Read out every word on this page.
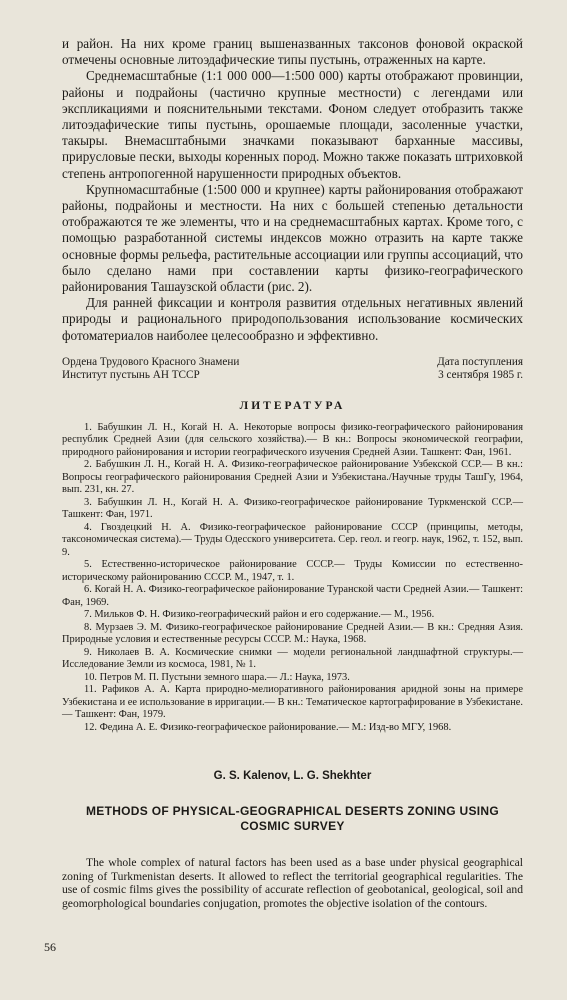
и район. На них кроме границ вышеназванных таксонов фоновой окраской отмечены основные литоэдафические типы пустынь, отраженных на карте.

Среднемасштабные (1:1 000 000—1:500 000) карты отображают провинции, районы и подрайоны (частично крупные местности) с легендами или экспликациями и пояснительными текстами. Фоном следует отобразить также литоэдафические типы пустынь, орошаемые площади, засоленные участки, такыры. Внемасштабными значками показывают барханные массивы, прирусловые пески, выходы коренных пород. Можно также показать штриховкой степень антропогенной нарушенности природных объектов.

Крупномасштабные (1:500 000 и крупнее) карты районирования отображают районы, подрайоны и местности. На них с большей степенью детальности отображаются те же элементы, что и на среднемасштабных картах. Кроме того, с помощью разработанной системы индексов можно отразить на карте также основные формы рельефа, растительные ассоциации или группы ассоциаций, что было сделано нами при составлении карты физико-географического районирования Ташаузской области (рис. 2).

Для ранней фиксации и контроля развития отдельных негативных явлений природы и рационального природопользования использование космических фотоматериалов наиболее целесообразно и эффективно.

Ордена Трудового Красного Знамени
Институт пустынь АН ТССР
Дата поступления
3 сентября 1985 г.
ЛИТЕРАТУРА

1. Бабушкин Л. Н., Когай Н. А. Некоторые вопросы физико-географического районирования республик Средней Азии (для сельского хозяйства).— В кн.: Вопросы экономической географии, природного районирования и истории географического изучения Средней Азии. Ташкент: Фан, 1961.

2. Бабушкин Л. Н., Когай Н. А. Физико-географическое районирование Узбекской ССР.— В кн.: Вопросы географического районирования Средней Азии и Узбекистана./Научные труды ТашГу, 1964, вып. 231, кн. 27.

3. Бабушкин Л. Н., Когай Н. А. Физико-географическое районирование Туркменской ССР.— Ташкент: Фан, 1971.

4. Гвоздецкий Н. А. Физико-географическое районирование СССР (принципы, методы, таксономическая система).— Труды Одесского университета. Сер. геол. и геогр. наук, 1962, т. 152, вып. 9.

5. Естественно-историческое районирование СССР.— Труды Комиссии по естественно-историческому районированию СССР. М., 1947, т. 1.

6. Когай Н. А. Физико-географическое районирование Туранской части Средней Азии.— Ташкент: Фан, 1969.

7. Мильков Ф. Н. Физико-географический район и его содержание.— М., 1956.

8. Мурзаев Э. М. Физико-географическое районирование Средней Азии.— В кн.: Средняя Азия. Природные условия и естественные ресурсы СССР. М.: Наука, 1968.

9. Николаев В. А. Космические снимки — модели региональной ландшафтной структуры.— Исследование Земли из космоса, 1981, № 1.

10. Петров М. П. Пустыни земного шара.— Л.: Наука, 1973.

11. Рафиков А. А. Карта природно-мелиоративного районирования аридной зоны на примере Узбекистана и ее использование в ирригации.— В кн.: Тематическое картографирование в Узбекистане.— Ташкент: Фан, 1979.

12. Федина А. Е. Физико-географическое районирование.— М.: Изд-во МГУ, 1968.

G. S. Kalenov, L. G. Shekhter
METHODS OF PHYSICAL-GEOGRAPHICAL DESERTS ZONING USING
COSMIC SURVEY

The whole complex of natural factors has been used as a base under physical geographical zoning of Turkmenistan deserts. It allowed to reflect the territorial geographical regularities. The use of cosmic films gives the possibility of accurate reflection of geobotanical, geological, soil and geomorphological boundaries conjugation, promotes the objective isolation of the contours.

56
